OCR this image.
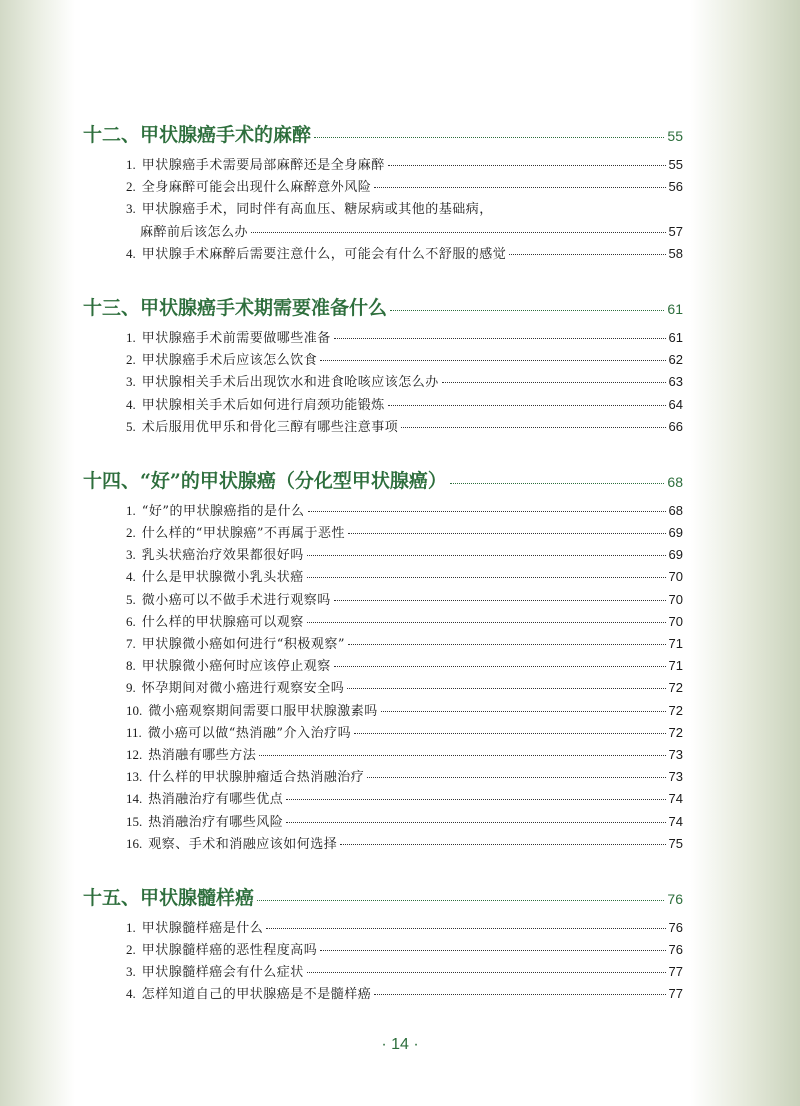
十二、甲状腺癌手术的麻醉	55
1. 甲状腺癌手术需要局部麻醉还是全身麻醉	55
2. 全身麻醉可能会出现什么麻醉意外风险	56
3. 甲状腺癌手术，同时伴有高血压、糖尿病或其他的基础病，
麻醉前后该怎么办	57
4. 甲状腺手术麻醉后需要注意什么，可能会有什么不舒服的感觉	58
十三、甲状腺癌手术期需要准备什么	61
1. 甲状腺癌手术前需要做哪些准备	61
2. 甲状腺癌手术后应该怎么饮食	62
3. 甲状腺相关手术后出现饮水和进食呛咳应该怎么办	63
4. 甲状腺相关手术后如何进行肩颈功能锻炼	64
5. 术后服用优甲乐和骨化三醇有哪些注意事项	66
十四、“好”的甲状腺癌（分化型甲状腺癌）	68
1. “好”的甲状腺癌指的是什么	68
2. 什么样的“甲状腺癌”不再属于恶性	69
3. 乳头状癌治疗效果都很好吗	69
4. 什么是甲状腺微小乳头状癌	70
5. 微小癌可以不做手术进行观察吗	70
6. 什么样的甲状腺癌可以观察	70
7. 甲状腺微小癌如何进行“积极观察”	71
8. 甲状腺微小癌何时应该停止观察	71
9. 怀孕期间对微小癌进行观察安全吗	72
10. 微小癌观察期间需要口服甲状腺激素吗	72
11. 微小癌可以做“热消融”介入治疗吗	72
12. 热消融有哪些方法	73
13. 什么样的甲状腺肿瘤适合热消融治疗	73
14. 热消融治疗有哪些优点	74
15. 热消融治疗有哪些风险	74
16. 观察、手术和消融应该如何选择	75
十五、甲状腺髓样癌	76
1. 甲状腺髓样癌是什么	76
2. 甲状腺髓样癌的恶性程度高吗	76
3. 甲状腺髓样癌会有什么症状	77
4. 怎样知道自己的甲状腺癌是不是髓样癌	77
· 14 ·
